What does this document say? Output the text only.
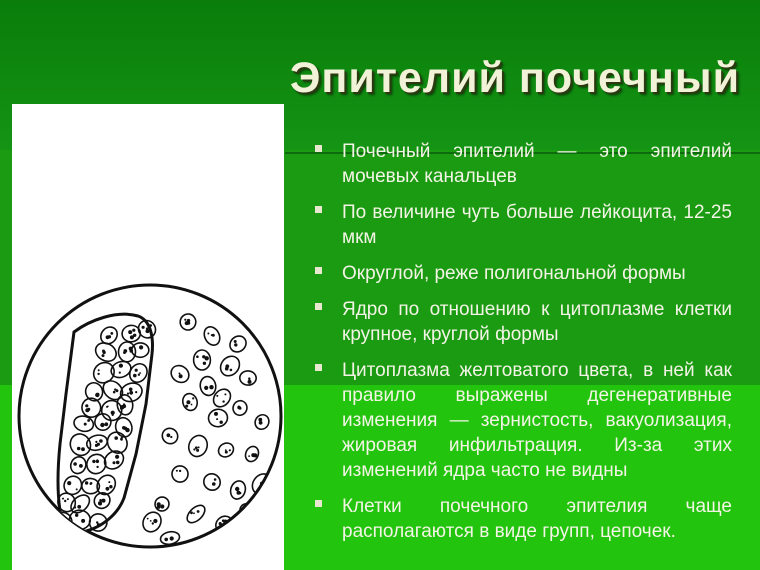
Эпителий почечный
Почечный эпителий — это эпителий мочевых канальцев
По величине чуть больше лейкоцита, 12-25 мкм
Округлой, реже полигональной формы
Ядро по отношению к цитоплазме клетки крупное, круглой формы
Цитоплазма желтоватого цвета, в ней как правило выражены дегенеративные изменения — зернистость, вакуолизация, жировая инфильтрация. Из-за этих изменений ядра часто не видны
Клетки почечного эпителия чаще располагаются в виде групп, цепочек.
